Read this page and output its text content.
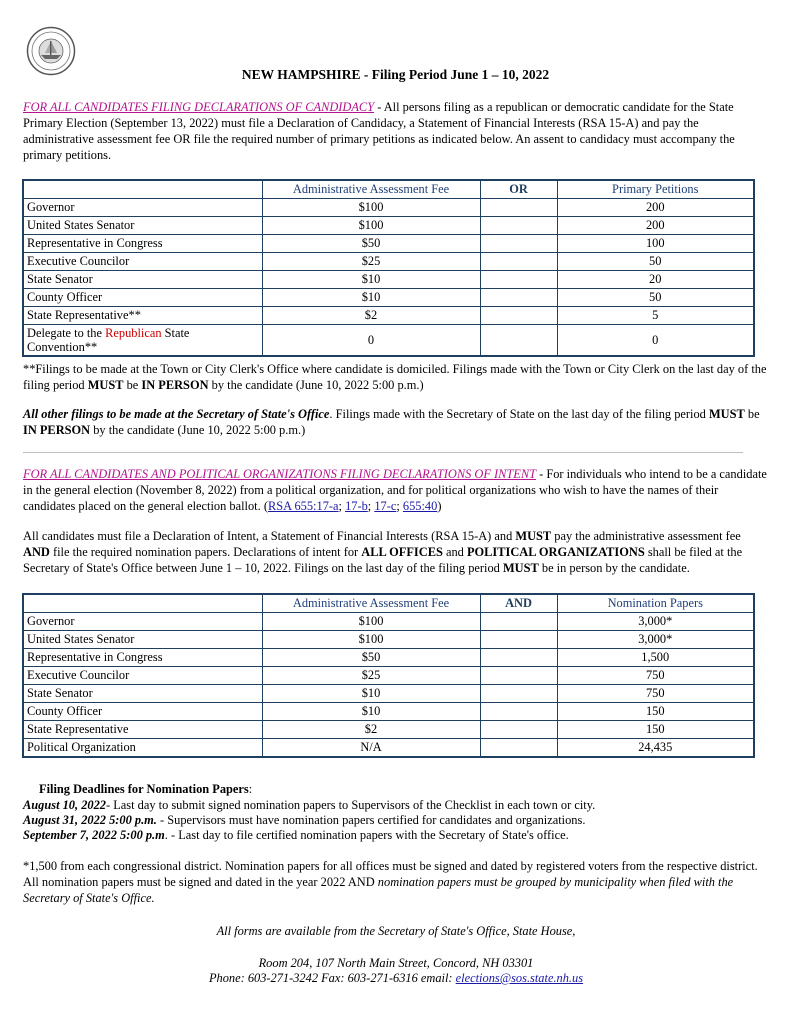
NEW HAMPSHIRE - Filing Period June 1 – 10, 2022
FOR ALL CANDIDATES FILING DECLARATIONS OF CANDIDACY - All persons filing as a republican or democratic candidate for the State Primary Election (September 13, 2022) must file a Declaration of Candidacy, a Statement of Financial Interests (RSA 15-A) and pay the administrative assessment fee OR file the required number of primary petitions as indicated below. An assent to candidacy must accompany the primary petitions.
	Administrative Assessment Fee	OR	Primary Petitions
Governor	$100		200
United States Senator	$100		200
Representative in Congress	$50		100
Executive Councilor	$25		50
State Senator	$10		20
County Officer	$10		50
State Representative**	$2		5
Delegate to the Republican State Convention**	0		0
**Filings to be made at the Town or City Clerk's Office where candidate is domiciled. Filings made with the Town or City Clerk on the last day of the filing period MUST be IN PERSON by the candidate (June 10, 2022 5:00 p.m.)
All other filings to be made at the Secretary of State's Office. Filings made with the Secretary of State on the last day of the filing period MUST be IN PERSON by the candidate (June 10, 2022 5:00 p.m.)
FOR ALL CANDIDATES AND POLITICAL ORGANIZATIONS FILING DECLARATIONS OF INTENT - For individuals who intend to be a candidate in the general election (November 8, 2022) from a political organization, and for political organizations who wish to have the names of their candidates placed on the general election ballot. (RSA 655:17-a; 17-b; 17-c; 655:40)
All candidates must file a Declaration of Intent, a Statement of Financial Interests (RSA 15-A) and MUST pay the administrative assessment fee AND file the required nomination papers. Declarations of intent for ALL OFFICES and POLITICAL ORGANIZATIONS shall be filed at the Secretary of State's Office between June 1 – 10, 2022. Filings on the last day of the filing period MUST be in person by the candidate.
	Administrative Assessment Fee	AND	Nomination Papers
Governor	$100		3,000*
United States Senator	$100		3,000*
Representative in Congress	$50		1,500
Executive Councilor	$25		750
State Senator	$10		750
County Officer	$10		150
State Representative	$2		150
Political Organization	N/A		24,435
Filing Deadlines for Nomination Papers:
August 10, 2022- Last day to submit signed nomination papers to Supervisors of the Checklist in each town or city.
August 31, 2022 5:00 p.m. - Supervisors must have nomination papers certified for candidates and organizations.
September 7, 2022 5:00 p.m. - Last day to file certified nomination papers with the Secretary of State's office.
*1,500 from each congressional district. Nomination papers for all offices must be signed and dated by registered voters from the respective district. All nomination papers must be signed and dated in the year 2022 AND nomination papers must be grouped by municipality when filed with the Secretary of State's Office.
All forms are available from the Secretary of State's Office, State House,
Room 204, 107 North Main Street, Concord, NH 03301
Phone: 603-271-3242 Fax: 603-271-6316 email: elections@sos.state.nh.us
